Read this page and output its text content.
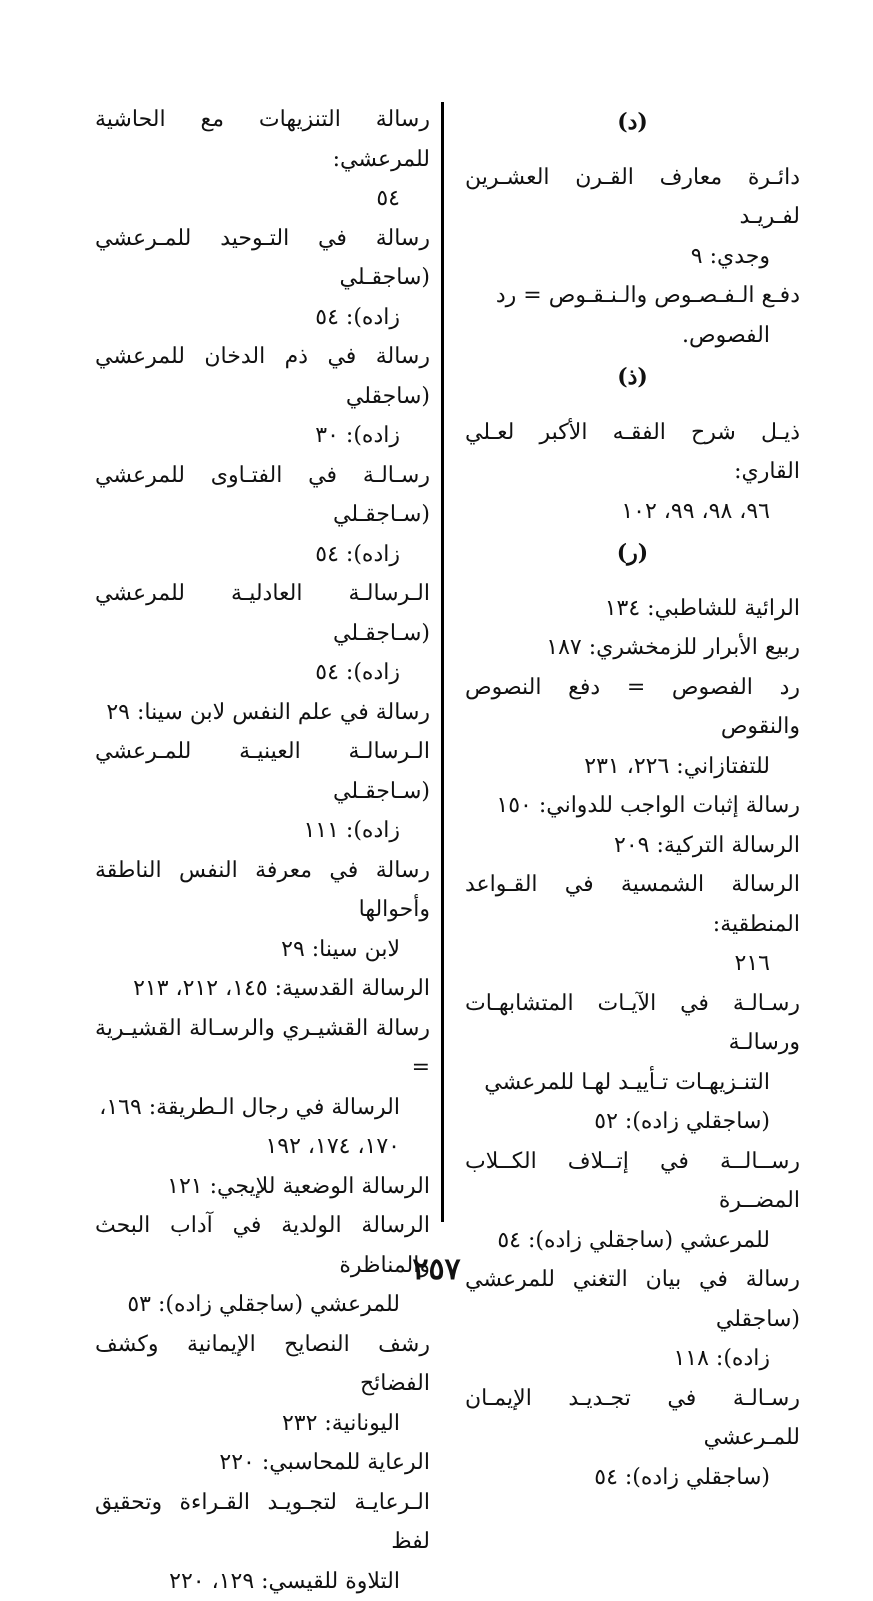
(د)
دائـرة معارف القـرن العشـرين لفـريـد
وجدي: ٩
دفـع الـفـصـوص والـنـقـوص = رد
الفصوص.
(ذ)
ذيـل شرح الفقـه الأكبر لعـلي القاري:
٩٦، ٩٨، ٩٩، ١٠٢
(ر)
الرائية للشاطبي: ١٣٤
ربيع الأبرار للزمخشري: ١٨٧
رد الفصوص = دفع النصوص والنقوص
للتفتازاني: ٢٢٦، ٢٣١
رسالة إثبات الواجب للدواني: ١٥٠
الرسالة التركية: ٢٠٩
الرسالة الشمسية في القـواعد المنطقية:
٢١٦
رسـالـة في الآيـات المتشابهـات ورسالـة
التنـزيهـات تـأييـد لهـا للمرعشي
(ساجقلي زاده): ٥٢
رســالــة في إتــلاف الكــلاب المضــرة
للمرعشي (ساجقلي زاده): ٥٤
رسالة في بيان التغني للمرعشي (ساجقلي
زاده): ١١٨
رسـالـة في تجـديـد الإيمـان للمـرعشي
(ساجقلي زاده): ٥٤
رسالة التنزيهات مع الحاشية للمرعشي:
٥٤
رسالة في التـوحيد للمـرعشي (ساجقـلي
زاده): ٥٤
رسالة في ذم الدخان للمرعشي (ساجقلي
زاده): ٣٠
رسـالـة في الفتـاوى للمرعشي (سـاجقـلي
زاده): ٥٤
الـرسالـة العادليـة للمرعشي (سـاجقـلي
زاده): ٥٤
رسالة في علم النفس لابن سينا: ٢٩
الـرسالـة العينيـة للمـرعشي (سـاجقـلي
زاده): ١١١
رسالة في معرفة النفس الناطقة وأحوالها
لابن سينا: ٢٩
الرسالة القدسية: ١٤٥، ٢١٢، ٢١٣
رسالة القشيـري والرسـالة القشيـرية =
الرسالة في رجال الـطريقة: ١٦٩،
١٧٠، ١٧٤، ١٩٢
الرسالة الوضعية للإيجي: ١٢١
الرسالة الولدية في آداب البحث والمناظرة
للمرعشي (ساجقلي زاده): ٥٣
رشف النصايح الإيمانية وكشف الفضائح
اليونانية: ٢٣٢
الرعاية للمحاسبي: ٢٢٠
الـرعايـة لتجـويـد القـراءة وتحقيق لفظ
التلاوة للقيسي: ١٢٩، ٢٢٠
٢٥٧
